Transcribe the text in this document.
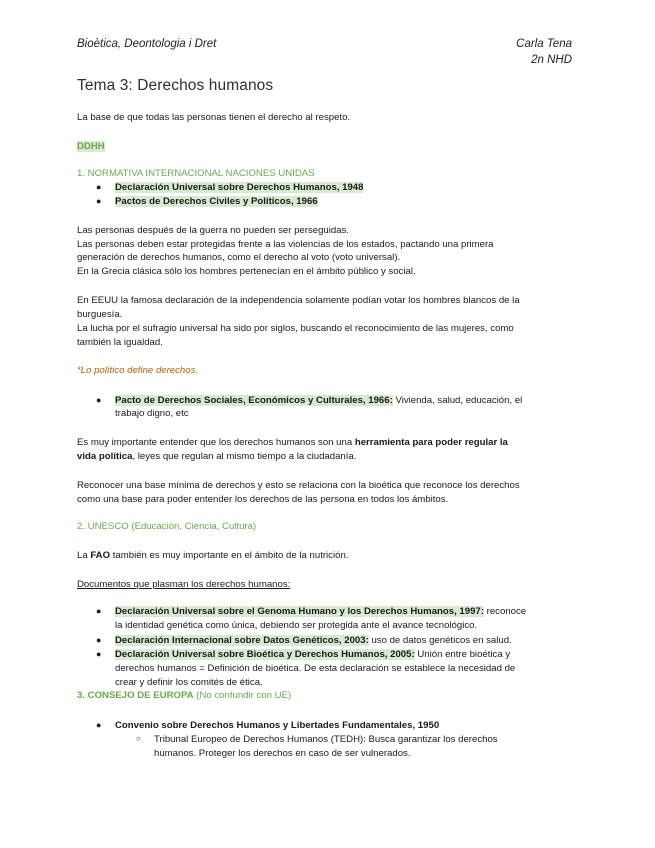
Bioètica, Deontologia i Dret	Carla Tena
2n NHD
Tema 3: Derechos humanos
La base de que todas las personas tienen el derecho al respeto.
DDHH
1. NORMATIVA INTERNACIONAL NACIONES UNIDAS
● Declaración Universal sobre Derechos Humanos, 1948
● Pactos de Derechos Civiles y Políticos, 1966
Las personas después de la guerra no pueden ser perseguidas.
Las personas deben estar protegidas frente a las violencias de los estados, pactando una primera
generación de derechos humanos, como el derecho al voto (voto universal).
En la Grecia clásica sólo los hombres pertenecían en el ámbito público y social.
En EEUU la famosa declaración de la independencia solamente podían votar los hombres blancos de la
burguesía.
La lucha por el sufragio universal ha sido por siglos, buscando el reconocimiento de las mujeres, como
también la igualdad.
*Lo político define derechos.
● Pacto de Derechos Sociales, Económicos y Culturales, 1966: Vivienda, salud, educación, el
trabajo digno, etc
Es muy importante entender que los derechos humanos son una herramienta para poder regular la
vida política, leyes que regulan al mismo tiempo a la ciudadanía.
Reconocer una base mínima de derechos y esto se relaciona con la bioética que reconoce los derechos
como una base para poder entender los derechos de las persona en todos los ámbitos.
2. UNESCO (Educación, Ciencia, Cultura)
La FAO también es muy importante en el ámbito de la nutrición.
Documentos que plasman los derechos humanos:
● Declaración Universal sobre el Genoma Humano y los Derechos Humanos, 1997: reconoce
la identidad genética como única, debiendo ser protegida ante el avance tecnológico.
● Declaración Internacional sobre Datos Genéticos, 2003: uso de datos genéticos en salud.
● Declaración Universal sobre Bioética y Derechos Humanos, 2005: Unión entre bioética y
derechos humanos = Definición de bioética. De esta declaración se establece la necesidad de
crear y definir los comités de ética.
3. CONSEJO DE EUROPA (No confundir con UE)
● Convenio sobre Derechos Humanos y Libertades Fundamentales, 1950
○ Tribunal Europeo de Derechos Humanos (TEDH): Busca garantizar los derechos
humanos. Proteger los derechos en caso de ser vulnerados.
